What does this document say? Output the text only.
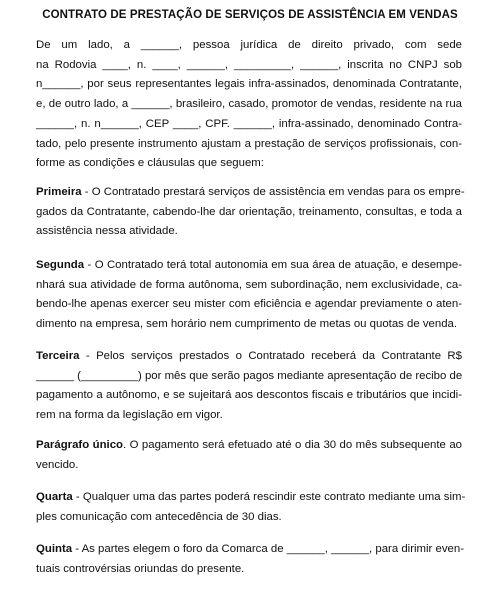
CONTRATO DE PRESTAÇÃO DE SERVIÇOS DE ASSISTÊNCIA EM VENDAS
De um lado, a ______, pessoa jurídica de direito privado, com sede
na Rodovia ____, n. ____, ______, _________, ______, inscrita no CNPJ sob
n______, por seus representantes legais infra-assinados, denominada Contratante,
e, de outro lado, a ______, brasileiro, casado, promotor de vendas, residente na rua
______, n. n______, CEP ____, CPF. ______, infra-assinado, denominado Contra-
tado, pelo presente instrumento ajustam a prestação de serviços profissionais, con-
forme as condições e cláusulas que seguem:
Primeira - O Contratado prestará serviços de assistência em vendas para os empre-
gados da Contratante, cabendo-lhe dar orientação, treinamento, consultas, e toda a
assistência nessa atividade.
Segunda - O Contratado terá total autonomia em sua área de atuação, e desempe-
nhará sua atividade de forma autônoma, sem subordinação, nem exclusividade, ca-
bendo-lhe apenas exercer seu mister com eficiência e agendar previamente o aten-
dimento na empresa, sem horário nem cumprimento de metas ou quotas de venda.
Terceira - Pelos serviços prestados o Contratado receberá da Contratante R$
______ (_________) por mês que serão pagos mediante apresentação de recibo de
pagamento a autônomo, e se sujeitará aos descontos fiscais e tributários que incidi-
rem na forma da legislação em vigor.
Parágrafo único. O pagamento será efetuado até o dia 30 do mês subsequente ao
vencido.
Quarta - Qualquer uma das partes poderá rescindir este contrato mediante uma sim-
ples comunicação com antecedência de 30 dias.
Quinta - As partes elegem o foro da Comarca de ______, ______, para dirimir even-
tuais controvérsias oriundas do presente.
